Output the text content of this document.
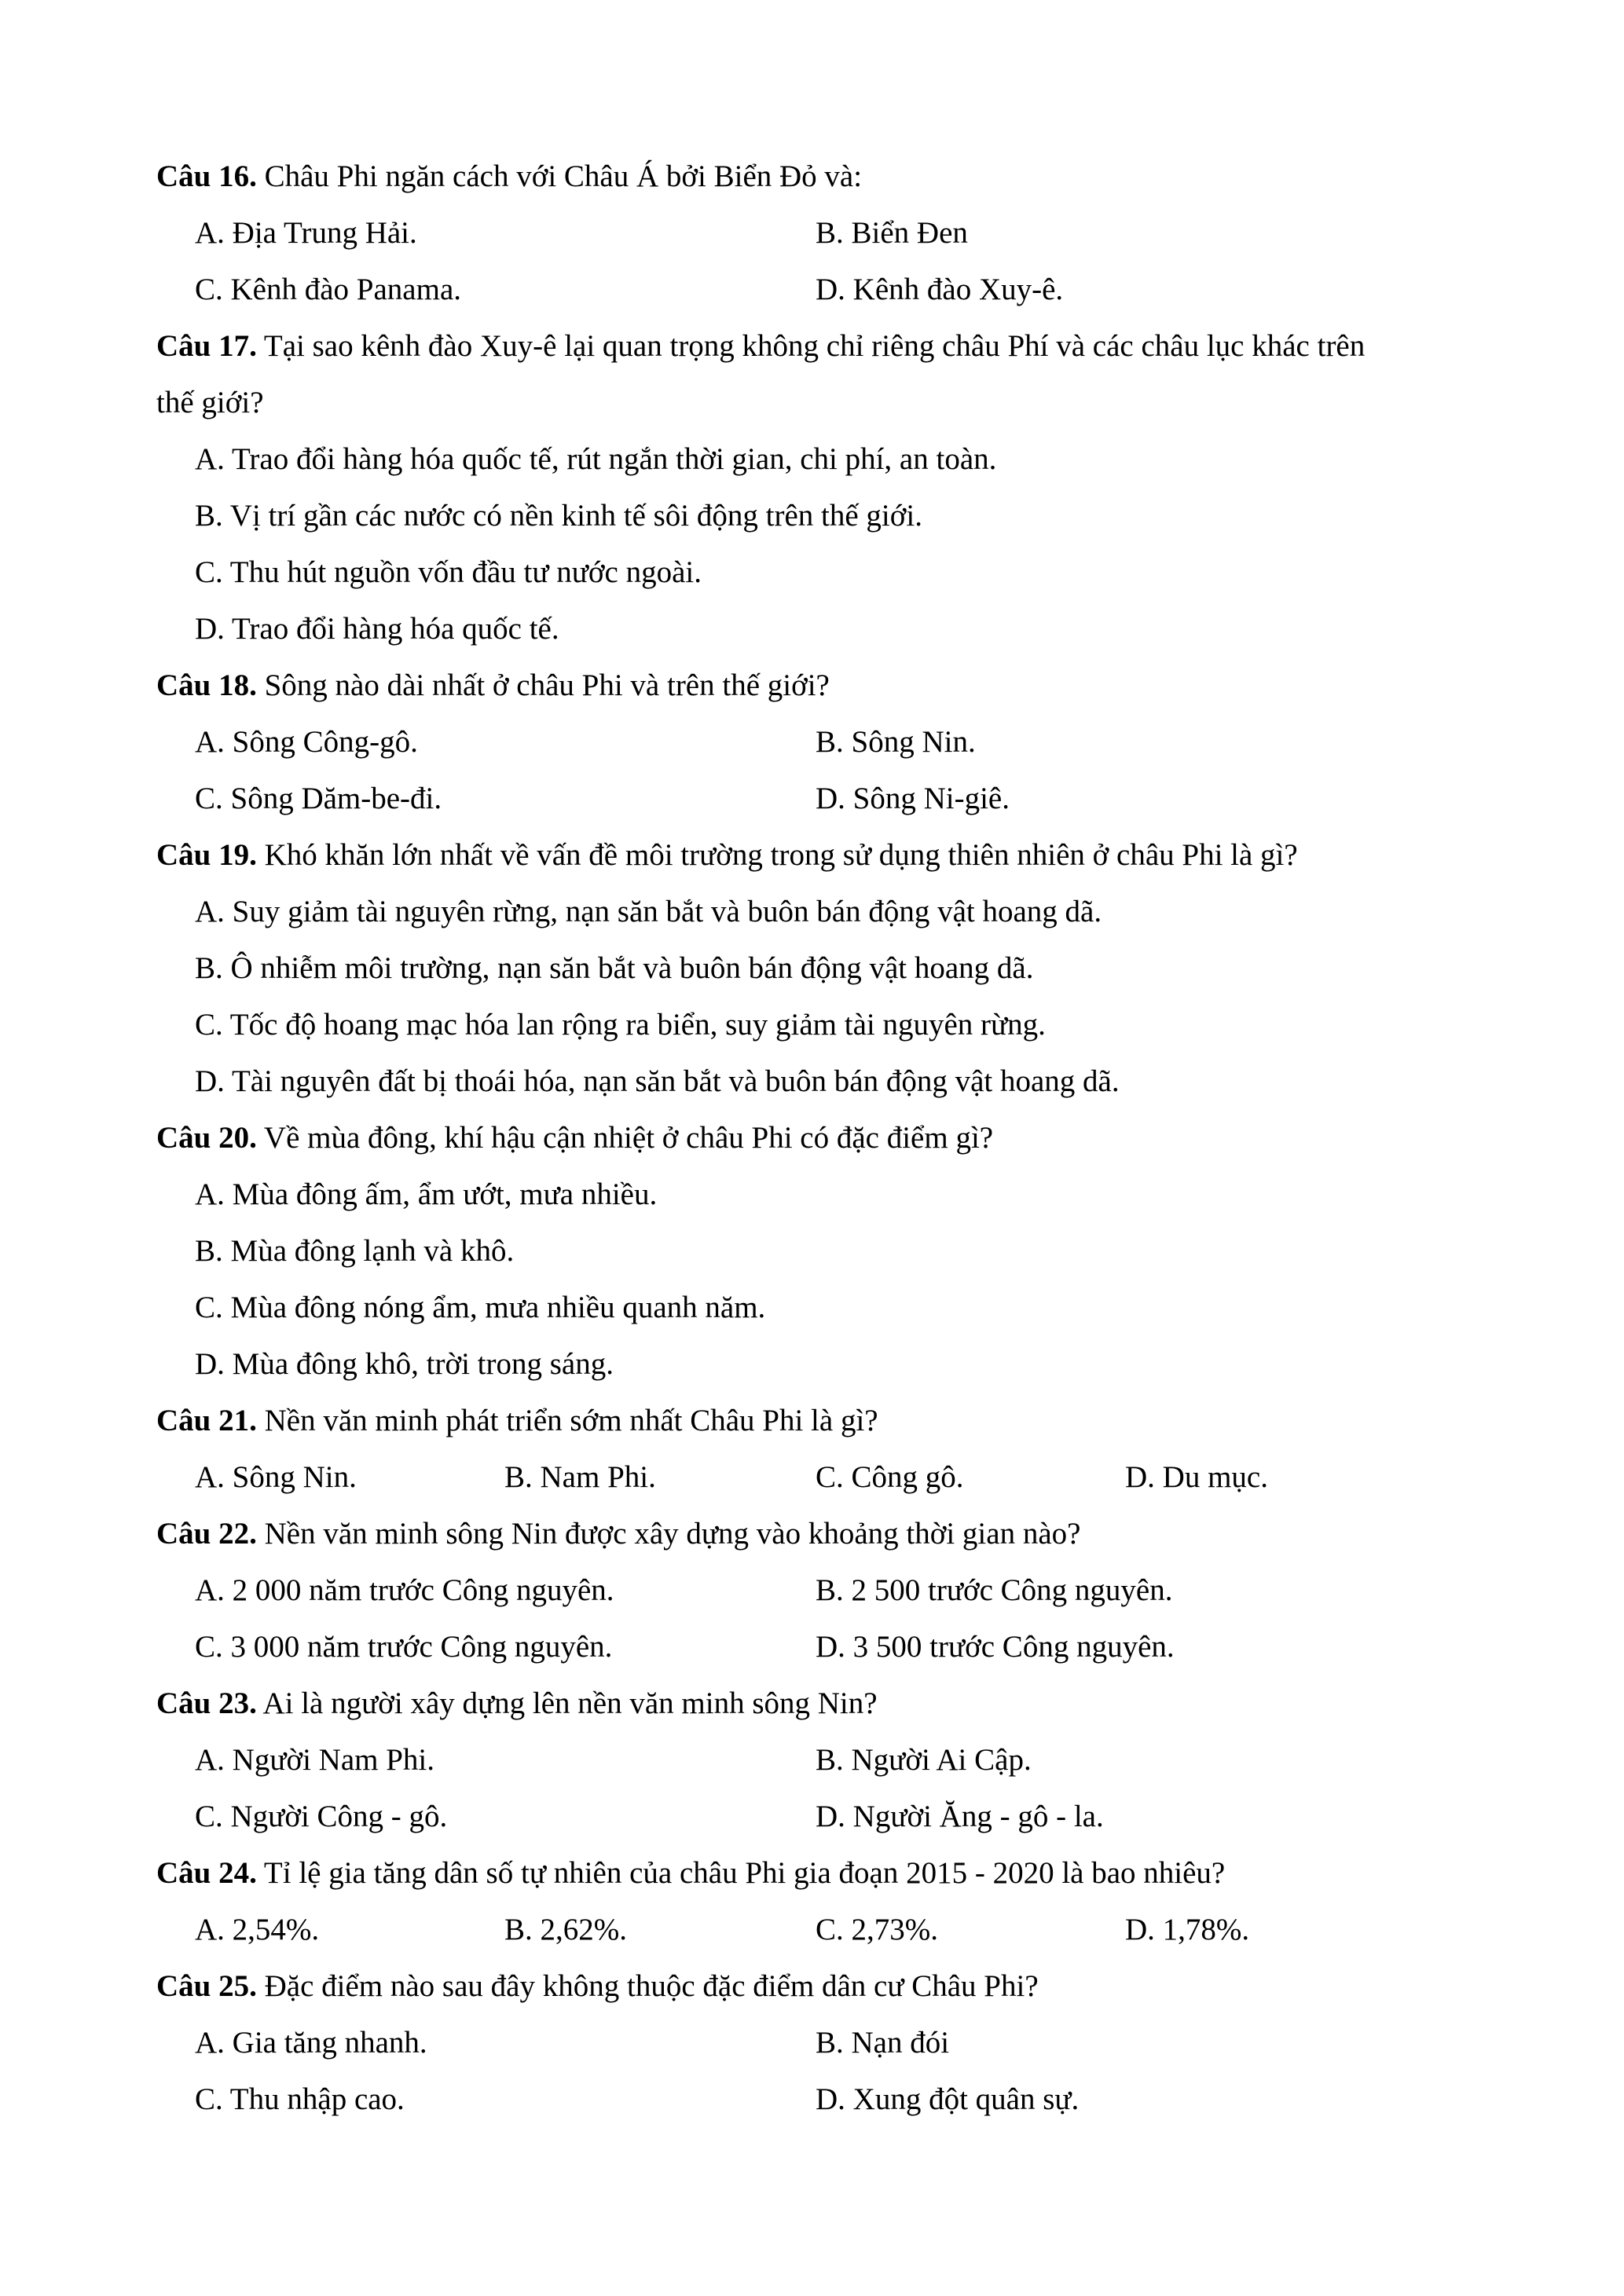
Câu 16. Châu Phi ngăn cách với Châu Á bởi Biển Đỏ và:
A. Địa Trung Hải.	B. Biển Đen
C. Kênh đào Panama.	D. Kênh đào Xuy-ê.
Câu 17. Tại sao kênh đào Xuy-ê lại quan trọng không chỉ riêng châu Phí và các châu lục khác trên
thế giới?
A. Trao đổi hàng hóa quốc tế, rút ngắn thời gian, chi phí, an toàn.
B. Vị trí gần các nước có nền kinh tế sôi động trên thế giới.
C. Thu hút nguồn vốn đầu tư nước ngoài.
D. Trao đổi hàng hóa quốc tế.
Câu 18. Sông nào dài nhất ở châu Phi và trên thế giới?
A. Sông Công-gô.	B. Sông Nin.
C. Sông Dăm-be-đi.	D. Sông Ni-giê.
Câu 19. Khó khăn lớn nhất về vấn đề môi trường trong sử dụng thiên nhiên ở châu Phi là gì?
A. Suy giảm tài nguyên rừng, nạn săn bắt và buôn bán động vật hoang dã.
B. Ô nhiễm môi trường, nạn săn bắt và buôn bán động vật hoang dã.
C. Tốc độ hoang mạc hóa lan rộng ra biển, suy giảm tài nguyên rừng.
D. Tài nguyên đất bị thoái hóa, nạn săn bắt và buôn bán động vật hoang dã.
Câu 20. Về mùa đông, khí hậu cận nhiệt ở châu Phi có đặc điểm gì?
A. Mùa đông ấm, ẩm ướt, mưa nhiều.
B. Mùa đông lạnh và khô.
C. Mùa đông nóng ẩm, mưa nhiều quanh năm.
D. Mùa đông khô, trời trong sáng.
Câu 21. Nền văn minh phát triển sớm nhất Châu Phi là gì?
A. Sông Nin.	B. Nam Phi.	C. Công gô.	D. Du mục.
Câu 22. Nền văn minh sông Nin được xây dựng vào khoảng thời gian nào?
A. 2 000 năm trước Công nguyên.	B. 2 500 trước Công nguyên.
C. 3 000 năm trước Công nguyên.	D. 3 500 trước Công nguyên.
Câu 23. Ai là người xây dựng lên nền văn minh sông Nin?
A. Người Nam Phi.	B. Người Ai Cập.
C. Người Công - gô.	D. Người Ăng - gô - la.
Câu 24. Tỉ lệ gia tăng dân số tự nhiên của châu Phi gia đoạn 2015 - 2020 là bao nhiêu?
A. 2,54%.	B. 2,62%.	C. 2,73%.	D. 1,78%.
Câu 25. Đặc điểm nào sau đây không thuộc đặc điểm dân cư Châu Phi?
A. Gia tăng nhanh.	B. Nạn đói
C. Thu nhập cao.	D. Xung đột quân sự.
